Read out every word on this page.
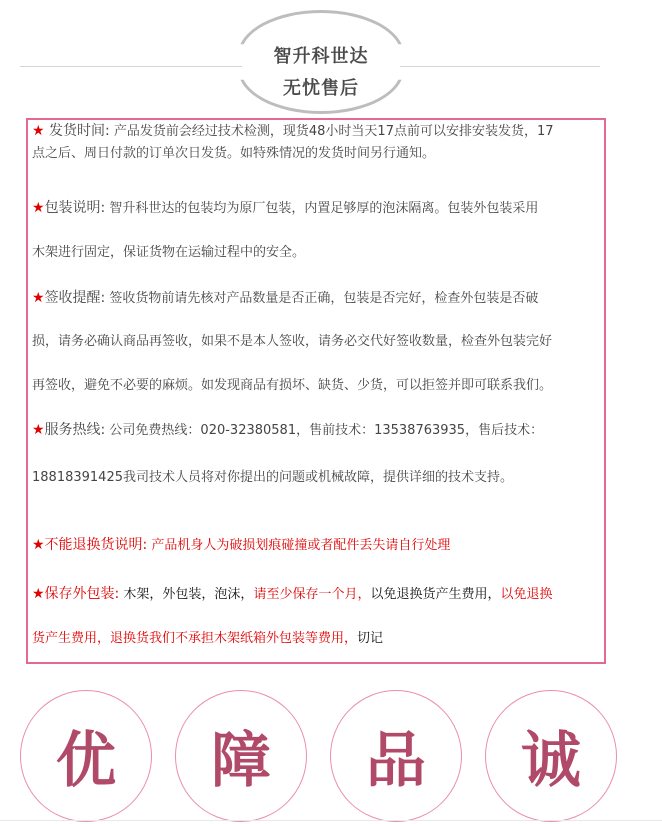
智升科世达
无忧售后
★ 发货时间: 产品发货前会经过技术检测，现货48小时当天17点前可以安排安装发货，17
点之后、周日付款的订单次日发货。如特殊情况的发货时间另行通知。
★包装说明: 智升科世达的包装均为原厂包装，内置足够厚的泡沫隔离。包装外包装采用
木架进行固定，保证货物在运输过程中的安全。
★签收提醒: 签收货物前请先核对产品数量是否正确，包装是否完好，检查外包装是否破
损，请务必确认商品再签收，如果不是本人签收，请务必交代好签收数量，检查外包装完好
再签收，避免不必要的麻烦。如发现商品有损坏、缺货、少货，可以拒签并即可联系我们。
★服务热线: 公司免费热线：020-32380581，售前技术：13538763935，售后技术：
18818391425我司技术人员将对你提出的问题或机械故障，提供详细的技术支持。
★不能退换货说明: 产品机身人为破损划痕碰撞或者配件丢失请自行处理
★保存外包装: 木架，外包装，泡沫，请至少保存一个月，以免退换货产生费用，以免退换
货产生费用，退换货我们不承担木架纸箱外包装等费用，切记
优 障 品 诚
